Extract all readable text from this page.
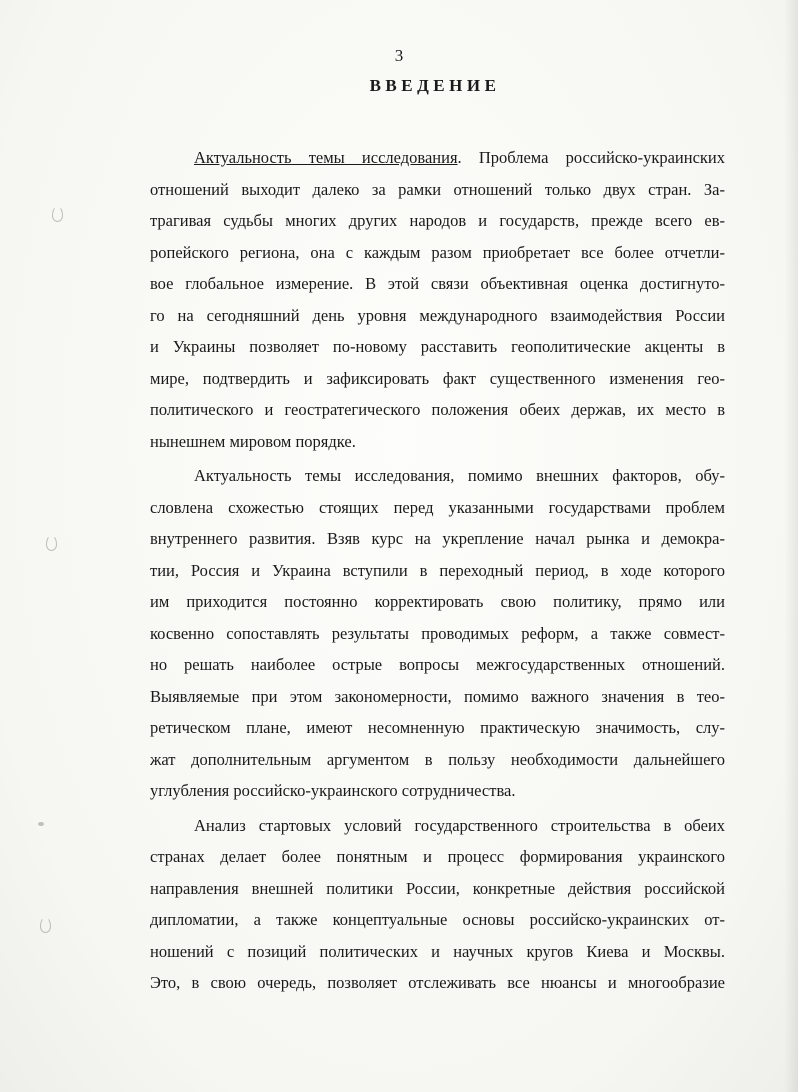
3
ВВЕДЕНИЕ
Актуальность темы исследования. Проблема российско-украинских
отношений выходит далеко за рамки отношений только двух стран. За-
трагивая судьбы многих других народов и государств, прежде всего ев-
ропейского региона, она с каждым разом приобретает все более отчетли-
вое глобальное измерение. В этой связи объективная оценка достигнуто-
го на сегодняшний день уровня международного взаимодействия России
и Украины позволяет по-новому расставить геополитические акценты в
мире, подтвердить и зафиксировать факт существенного изменения гео-
политического и геостратегического положения обеих держав, их место в
нынешнем мировом порядке.
Актуальность темы исследования, помимо внешних факторов, обу-
словлена схожестью стоящих перед указанными государствами проблем
внутреннего развития. Взяв курс на укрепление начал рынка и демокра-
тии, Россия и Украина вступили в переходный период, в ходе которого
им приходится постоянно корректировать свою политику, прямо или
косвенно сопоставлять результаты проводимых реформ, а также совмест-
но решать наиболее острые вопросы межгосударственных отношений.
Выявляемые при этом закономерности, помимо важного значения в тео-
ретическом плане, имеют несомненную практическую значимость, слу-
жат дополнительным аргументом в пользу необходимости дальнейшего
углубления российско-украинского сотрудничества.
Анализ стартовых условий государственного строительства в обеих
странах делает более понятным и процесс формирования украинского
направления внешней политики России, конкретные действия российской
дипломатии, а также концептуальные основы российско-украинских от-
ношений с позиций политических и научных кругов Киева и Москвы.
Это, в свою очередь, позволяет отслеживать все нюансы и многообразие
